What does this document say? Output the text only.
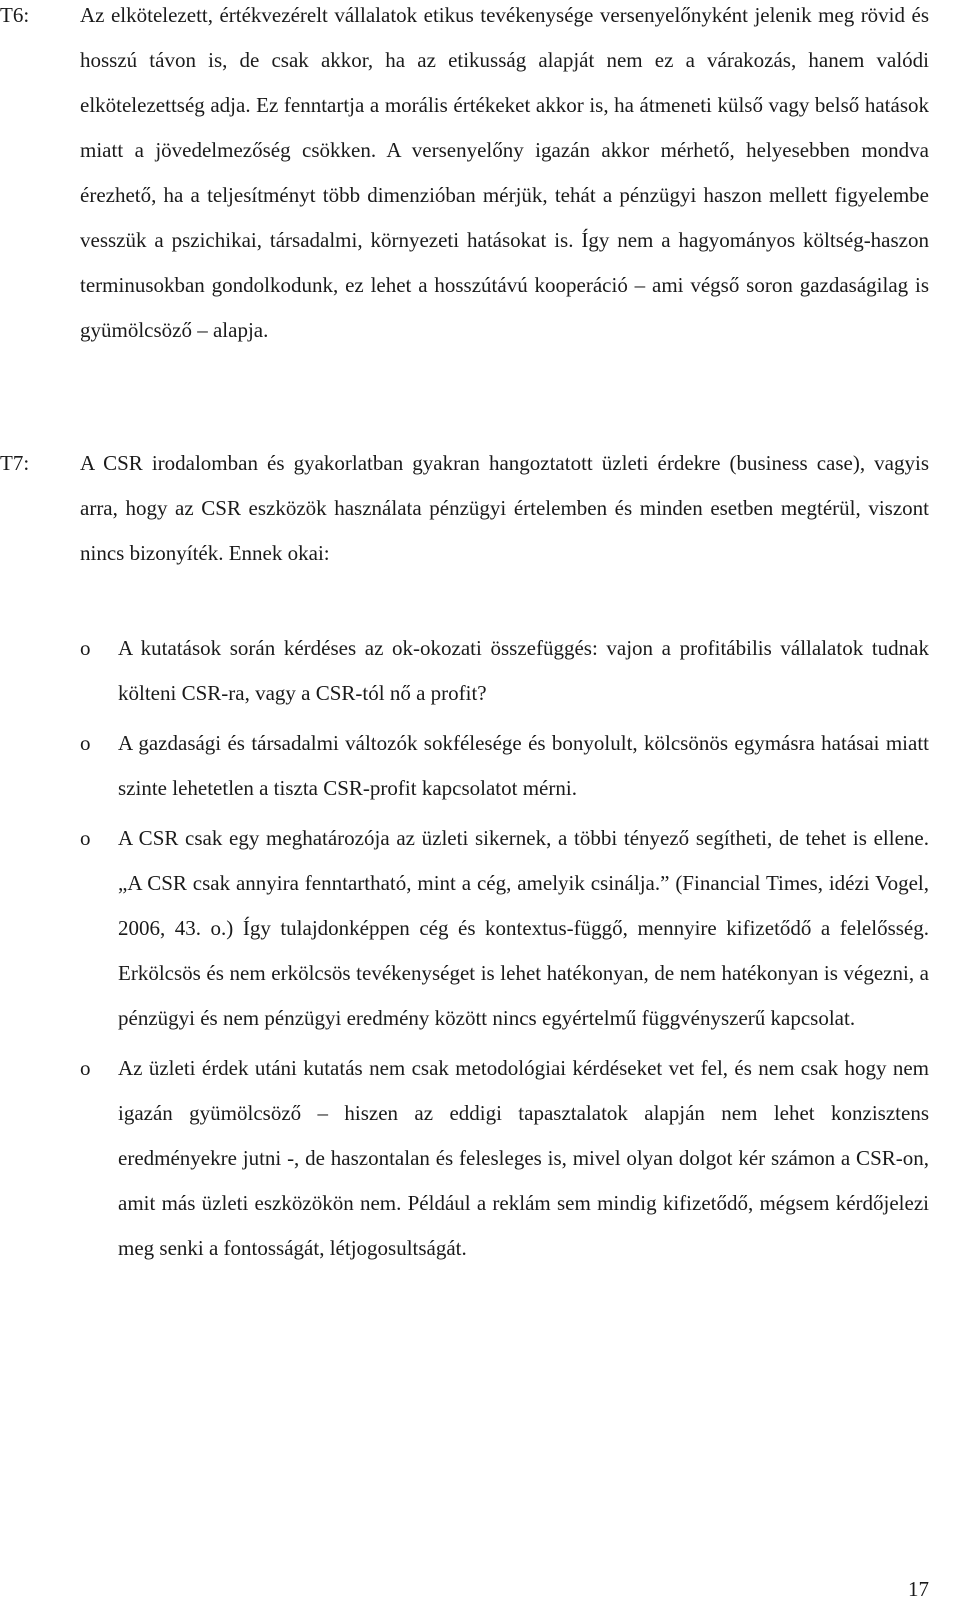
T6: Az elkötelezett, értékvezérelt vállalatok etikus tevékenysége versenyelőnyként jelenik meg rövid és hosszú távon is, de csak akkor, ha az etikusság alapját nem ez a várakozás, hanem valódi elkötelezettség adja. Ez fenntartja a morális értékeket akkor is, ha átmeneti külső vagy belső hatások miatt a jövedelmezőség csökken. A versenyelőny igazán akkor mérhető, helyesebben mondva érezhető, ha a teljesítményt több dimenzióban mérjük, tehát a pénzügyi haszon mellett figyelembe vesszük a pszichikai, társadalmi, környezeti hatásokat is. Így nem a hagyományos költség-haszon terminusokban gondolkodunk, ez lehet a hosszútávú kooperáció – ami végső soron gazdaságilag is gyümölcsöző – alapja.

T7: A CSR irodalomban és gyakorlatban gyakran hangoztatott üzleti érdekre (business case), vagyis arra, hogy az CSR eszközök használata pénzügyi értelemben és minden esetben megtérül, viszont nincs bizonyíték. Ennek okai:

o A kutatások során kérdéses az ok-okozati összefüggés: vajon a profitábilis vállalatok tudnak költeni CSR-ra, vagy a CSR-tól nő a profit?
o A gazdasági és társadalmi változók sokfélesége és bonyolult, kölcsönös egymásra hatásai miatt szinte lehetetlen a tiszta CSR-profit kapcsolatot mérni.
o A CSR csak egy meghatározója az üzleti sikernek, a többi tényező segítheti, de tehet is ellene. „A CSR csak annyira fenntartható, mint a cég, amelyik csinálja.” (Financial Times, idézi Vogel, 2006, 43. o.) Így tulajdonképpen cég és kontextus-függő, mennyire kifizetődő a felelősség. Erkölcsös és nem erkölcsös tevékenységet is lehet hatékonyan, de nem hatékonyan is végezni, a pénzügyi és nem pénzügyi eredmény között nincs egyértelmű függvényszerű kapcsolat.
o Az üzleti érdek utáni kutatás nem csak metodológiai kérdéseket vet fel, és nem csak hogy nem igazán gyümölcsöző – hiszen az eddigi tapasztalatok alapján nem lehet konzisztens eredményekre jutni -, de haszontalan és felesleges is, mivel olyan dolgot kér számon a CSR-on, amit más üzleti eszközökön nem. Például a reklám sem mindig kifizetődő, mégsem kérdőjelezi meg senki a fontosságát, létjogosultságát.
17
